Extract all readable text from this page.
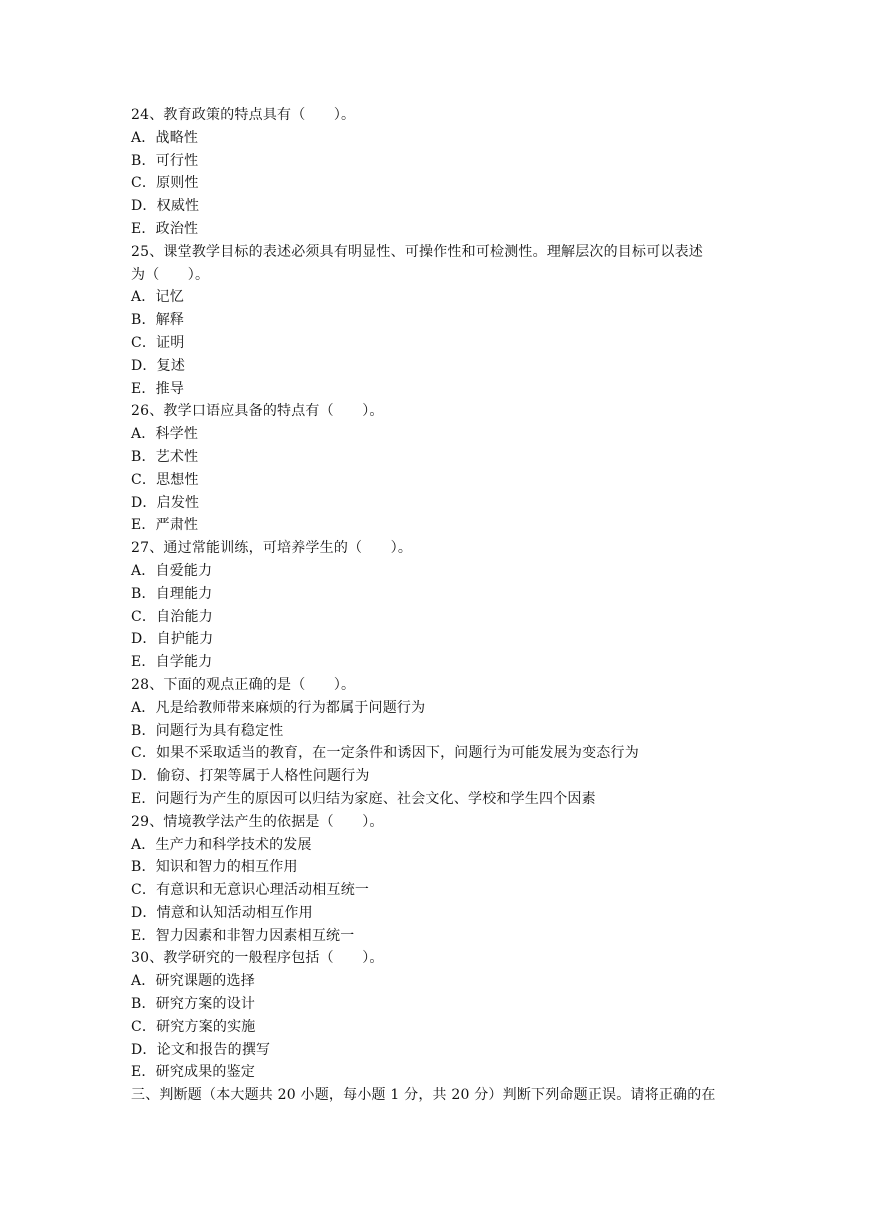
24、教育政策的特点具有（　　）。
A．战略性
B．可行性
C．原则性
D．权威性
E．政治性
25、课堂教学目标的表述必须具有明显性、可操作性和可检测性。理解层次的目标可以表述
为（　　）。
A．记忆
B．解释
C．证明
D．复述
E．推导
26、教学口语应具备的特点有（　　）。
A．科学性
B．艺术性
C．思想性
D．启发性
E．严肃性
27、通过常能训练，可培养学生的（　　）。
A．自爱能力
B．自理能力
C．自治能力
D．自护能力
E．自学能力
28、下面的观点正确的是（　　）。
A．凡是给教师带来麻烦的行为都属于问题行为
B．问题行为具有稳定性
C．如果不采取适当的教育，在一定条件和诱因下，问题行为可能发展为变态行为
D．偷窃、打架等属于人格性问题行为
E．问题行为产生的原因可以归结为家庭、社会文化、学校和学生四个因素
29、情境教学法产生的依据是（　　）。
A．生产力和科学技术的发展
B．知识和智力的相互作用
C．有意识和无意识心理活动相互统一
D．情意和认知活动相互作用
E．智力因素和非智力因素相互统一
30、教学研究的一般程序包括（　　）。
A．研究课题的选择
B．研究方案的设计
C．研究方案的实施
D．论文和报告的撰写
E．研究成果的鉴定
三、判断题（本大题共 20 小题，每小题 1 分，共 20 分）判断下列命题正误。请将正确的在
